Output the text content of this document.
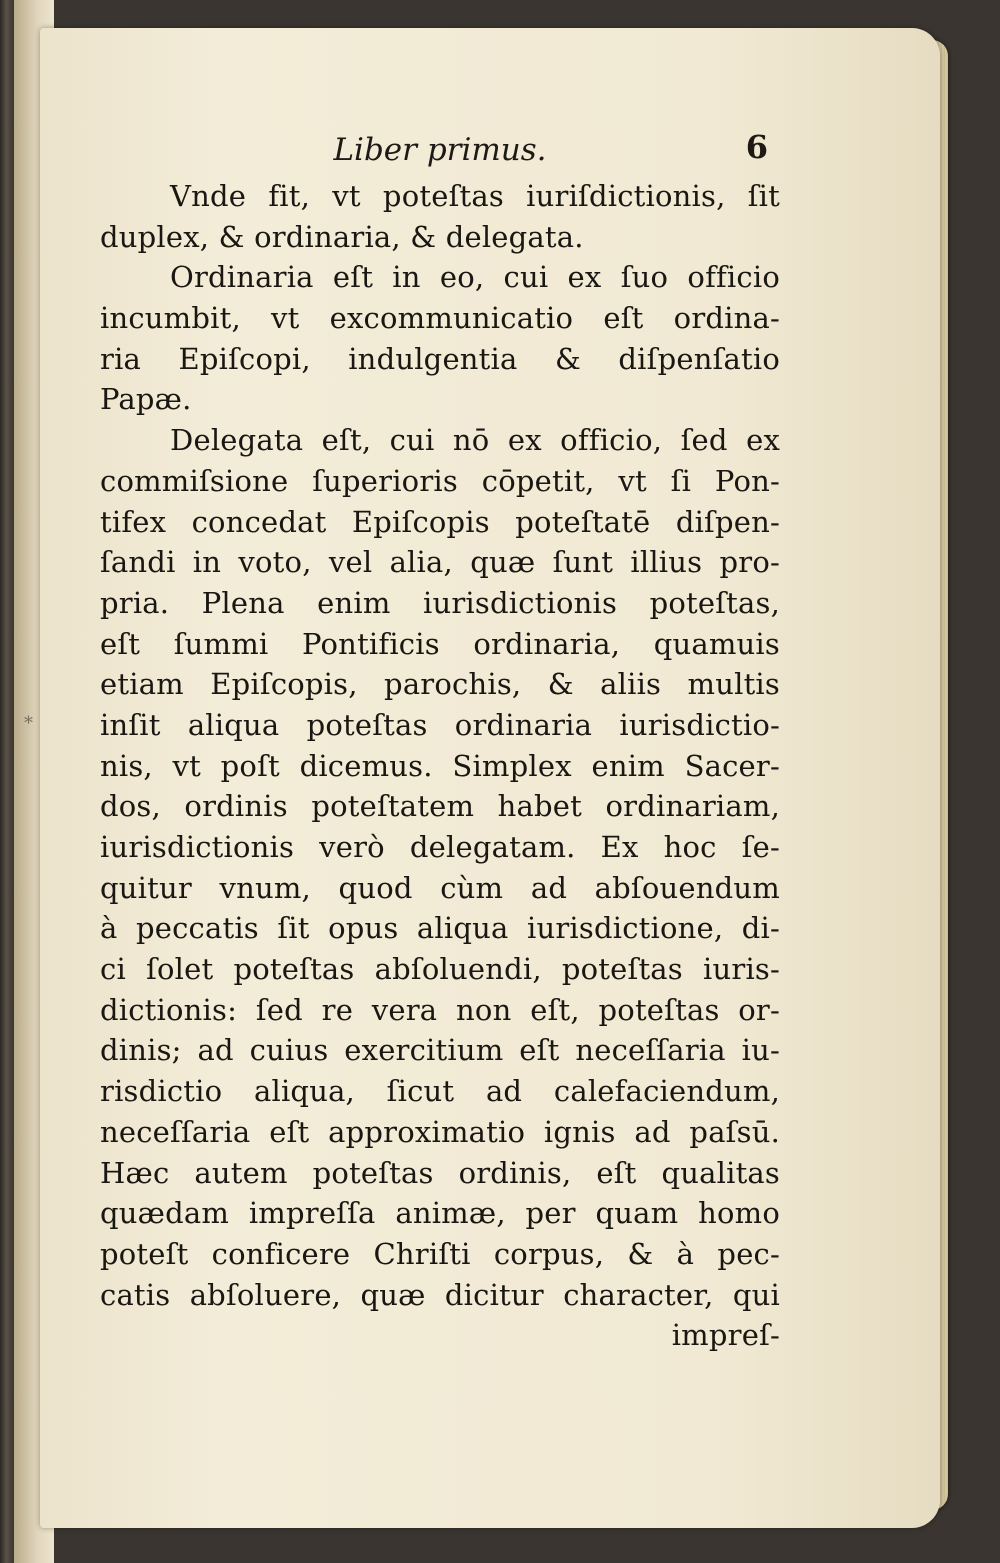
Liber primus.	6
*
Vnde fit, vt poteſtas iuriſdictionis, ſit
duplex, & ordinaria, & delegata.
Ordinaria eſt in eo, cui ex ſuo officio
incumbit, vt excommunicatio eſt ordina-
ria Epiſcopi, indulgentia & diſpenſatio
Papæ.
Delegata eſt, cui nō ex officio, ſed ex
commiſsione ſuperioris cōpetit, vt ſi Pon-
tifex concedat Epiſcopis poteſtatē diſpen-
ſandi in voto, vel alia, quæ ſunt illius pro-
pria. Plena enim iurisdictionis poteſtas,
eſt ſummi Pontificis ordinaria, quamuis
etiam Epiſcopis, parochis, & aliis multis
inſit aliqua poteſtas ordinaria iurisdictio-
nis, vt poſt dicemus. Simplex enim Sacer-
dos, ordinis poteſtatem habet ordinariam,
iurisdictionis verò delegatam. Ex hoc ſe-
quitur vnum, quod cùm ad abſouendum
à peccatis ſit opus aliqua iurisdictione, di-
ci ſolet poteſtas abſoluendi, poteſtas iuris-
dictionis: ſed re vera non eſt, poteſtas or-
dinis; ad cuius exercitium eſt neceſſaria iu-
risdictio aliqua, ſicut ad calefaciendum,
neceſſaria eſt approximatio ignis ad paſsū.
Hæc autem poteſtas ordinis, eſt qualitas
quædam impreſſa animæ, per quam homo
poteſt conficere Chriſti corpus, & à pec-
catis abſoluere, quæ dicitur character, qui
impreſ-
